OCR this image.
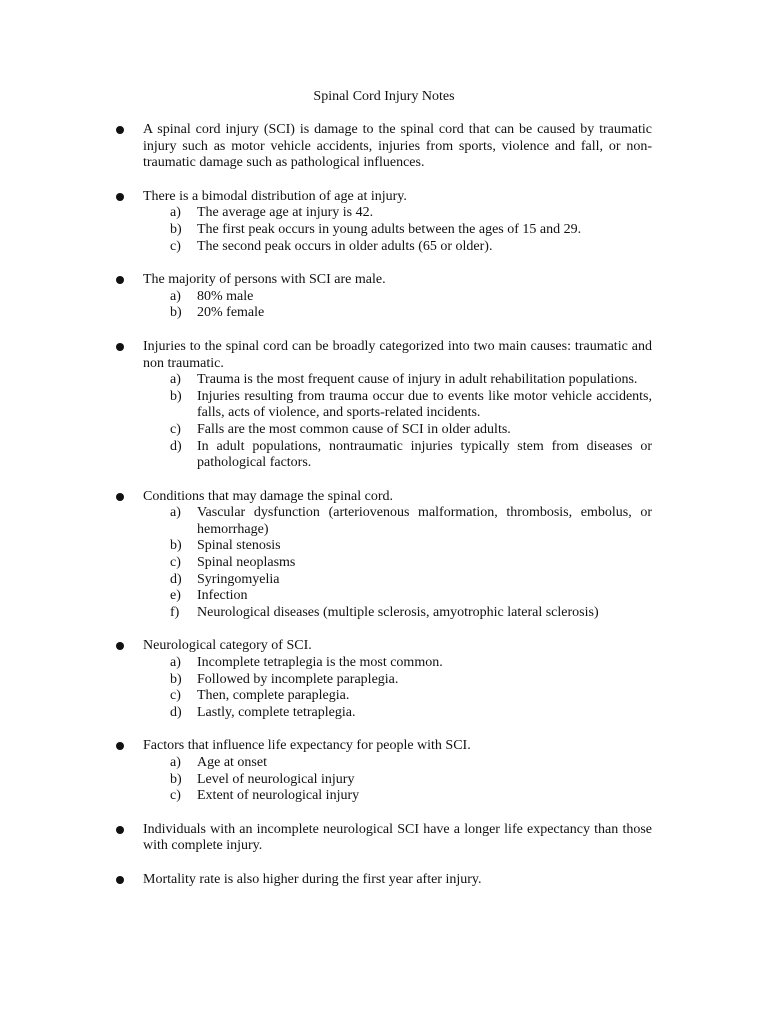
Spinal Cord Injury Notes
A spinal cord injury (SCI) is damage to the spinal cord that can be caused by traumatic injury such as motor vehicle accidents, injuries from sports, violence and fall, or non-traumatic damage such as pathological influences.
There is a bimodal distribution of age at injury.
a) The average age at injury is 42.
b) The first peak occurs in young adults between the ages of 15 and 29.
c) The second peak occurs in older adults (65 or older).
The majority of persons with SCI are male.
a) 80% male
b) 20% female
Injuries to the spinal cord can be broadly categorized into two main causes: traumatic and non traumatic.
a) Trauma is the most frequent cause of injury in adult rehabilitation populations.
b) Injuries resulting from trauma occur due to events like motor vehicle accidents, falls, acts of violence, and sports-related incidents.
c) Falls are the most common cause of SCI in older adults.
d) In adult populations, nontraumatic injuries typically stem from diseases or pathological factors.
Conditions that may damage the spinal cord.
a) Vascular dysfunction (arteriovenous malformation, thrombosis, embolus, or hemorrhage)
b) Spinal stenosis
c) Spinal neoplasms
d) Syringomyelia
e) Infection
f) Neurological diseases (multiple sclerosis, amyotrophic lateral sclerosis)
Neurological category of SCI.
a) Incomplete tetraplegia is the most common.
b) Followed by incomplete paraplegia.
c) Then, complete paraplegia.
d) Lastly, complete tetraplegia.
Factors that influence life expectancy for people with SCI.
a) Age at onset
b) Level of neurological injury
c) Extent of neurological injury
Individuals with an incomplete neurological SCI have a longer life expectancy than those with complete injury.
Mortality rate is also higher during the first year after injury.
